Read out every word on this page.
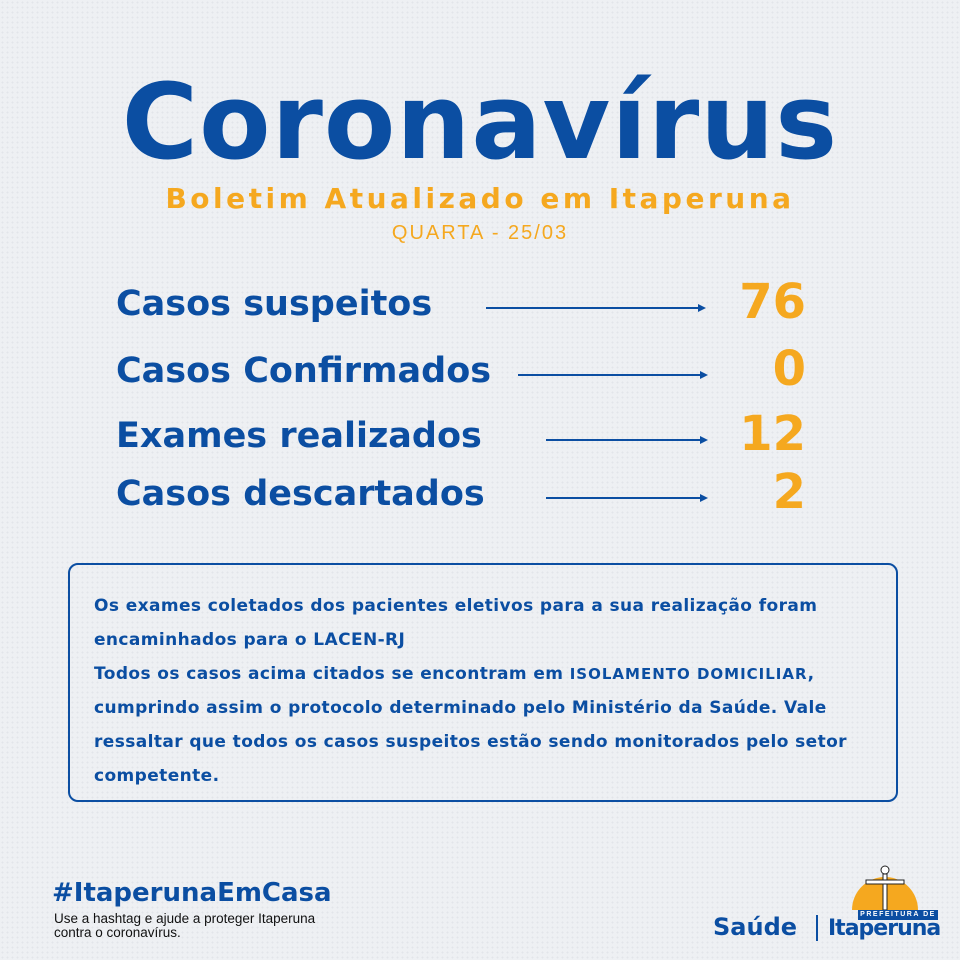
Coronavírus
Boletim Atualizado em Itaperuna
QUARTA - 25/03
Casos suspeitos	76
Casos Confirmados	0
Exames realizados	12
Casos descartados	2

Os exames coletados dos pacientes eletivos para a sua realização foram encaminhados para o LACEN-RJ

Todos os casos acima citados se encontram em ISOLAMENTO DOMICILIAR, cumprindo assim o protocolo determinado pelo Ministério da Saúde. Vale ressaltar que todos os casos suspeitos estão sendo monitorados pelo setor competente.

#ItaperunaEmCasa
Use a hashtag e ajude a proteger Itaperuna contra o coronavírus.	Saúde	PREFEITURA DE
Itaperuna
